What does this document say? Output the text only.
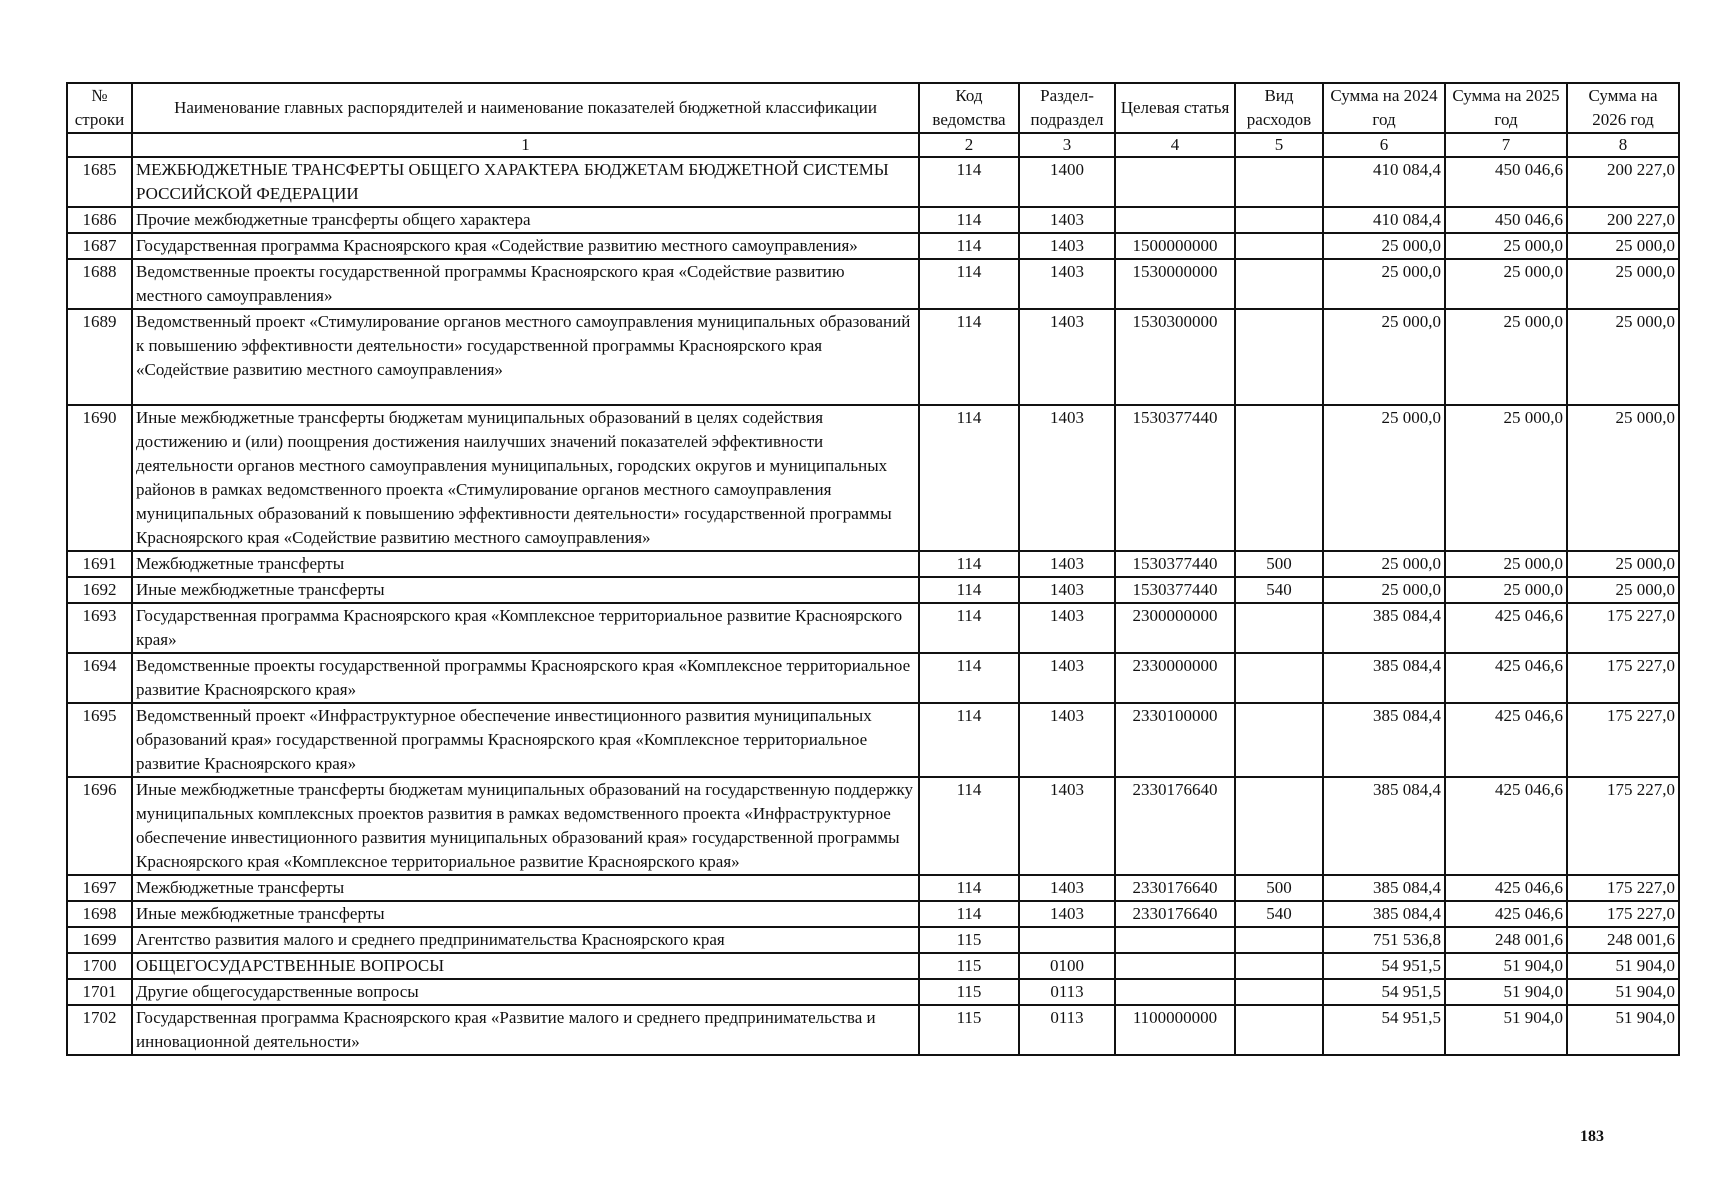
№ строки	Наименование главных распорядителей и наименование показателей бюджетной классификации	Код ведомства	Раздел-подраздел	Целевая статья	Вид расходов	Сумма на 2024 год	Сумма на 2025 год	Сумма на 2026 год
	1	2	3	4	5	6	7	8
1685	МЕЖБЮДЖЕТНЫЕ ТРАНСФЕРТЫ ОБЩЕГО ХАРАКТЕРА БЮДЖЕТАМ БЮДЖЕТНОЙ СИСТЕМЫ РОССИЙСКОЙ ФЕДЕРАЦИИ	114	1400			410 084,4	450 046,6	200 227,0
1686	Прочие межбюджетные трансферты общего характера	114	1403			410 084,4	450 046,6	200 227,0
1687	Государственная программа Красноярского края «Содействие развитию местного самоуправления»	114	1403	1500000000		25 000,0	25 000,0	25 000,0
1688	Ведомственные проекты государственной программы Красноярского края «Содействие развитию местного самоуправления»	114	1403	1530000000		25 000,0	25 000,0	25 000,0
1689	Ведомственный проект «Стимулирование органов местного самоуправления муниципальных образований к повышению эффективности деятельности» государственной программы Красноярского края «Содействие развитию местного самоуправления»	114	1403	1530300000		25 000,0	25 000,0	25 000,0
1690	Иные межбюджетные трансферты бюджетам муниципальных образований в целях содействия достижению и (или) поощрения достижения наилучших значений показателей эффективности деятельности органов местного самоуправления муниципальных, городских округов и муниципальных районов в рамках ведомственного проекта «Стимулирование органов местного самоуправления муниципальных образований к повышению эффективности деятельности» государственной программы Красноярского края «Содействие развитию местного самоуправления»	114	1403	1530377440		25 000,0	25 000,0	25 000,0
1691	Межбюджетные трансферты	114	1403	1530377440	500	25 000,0	25 000,0	25 000,0
1692	Иные межбюджетные трансферты	114	1403	1530377440	540	25 000,0	25 000,0	25 000,0
1693	Государственная программа Красноярского края «Комплексное территориальное развитие Красноярского края»	114	1403	2300000000		385 084,4	425 046,6	175 227,0
1694	Ведомственные проекты государственной программы Красноярского края «Комплексное территориальное развитие Красноярского края»	114	1403	2330000000		385 084,4	425 046,6	175 227,0
1695	Ведомственный проект «Инфраструктурное обеспечение инвестиционного развития муниципальных образований края» государственной программы Красноярского края «Комплексное территориальное развитие Красноярского края»	114	1403	2330100000		385 084,4	425 046,6	175 227,0
1696	Иные межбюджетные трансферты бюджетам муниципальных образований на государственную поддержку муниципальных комплексных проектов развития в рамках ведомственного проекта «Инфраструктурное обеспечение инвестиционного развития муниципальных образований края» государственной программы Красноярского края «Комплексное территориальное развитие Красноярского края»	114	1403	2330176640		385 084,4	425 046,6	175 227,0
1697	Межбюджетные трансферты	114	1403	2330176640	500	385 084,4	425 046,6	175 227,0
1698	Иные межбюджетные трансферты	114	1403	2330176640	540	385 084,4	425 046,6	175 227,0
1699	Агентство развития малого и среднего предпринимательства Красноярского края	115				751 536,8	248 001,6	248 001,6
1700	ОБЩЕГОСУДАРСТВЕННЫЕ ВОПРОСЫ	115	0100			54 951,5	51 904,0	51 904,0
1701	Другие общегосударственные вопросы	115	0113			54 951,5	51 904,0	51 904,0
1702	Государственная программа Красноярского края «Развитие малого и среднего предпринимательства и инновационной деятельности»	115	0113	1100000000		54 951,5	51 904,0	51 904,0
183
